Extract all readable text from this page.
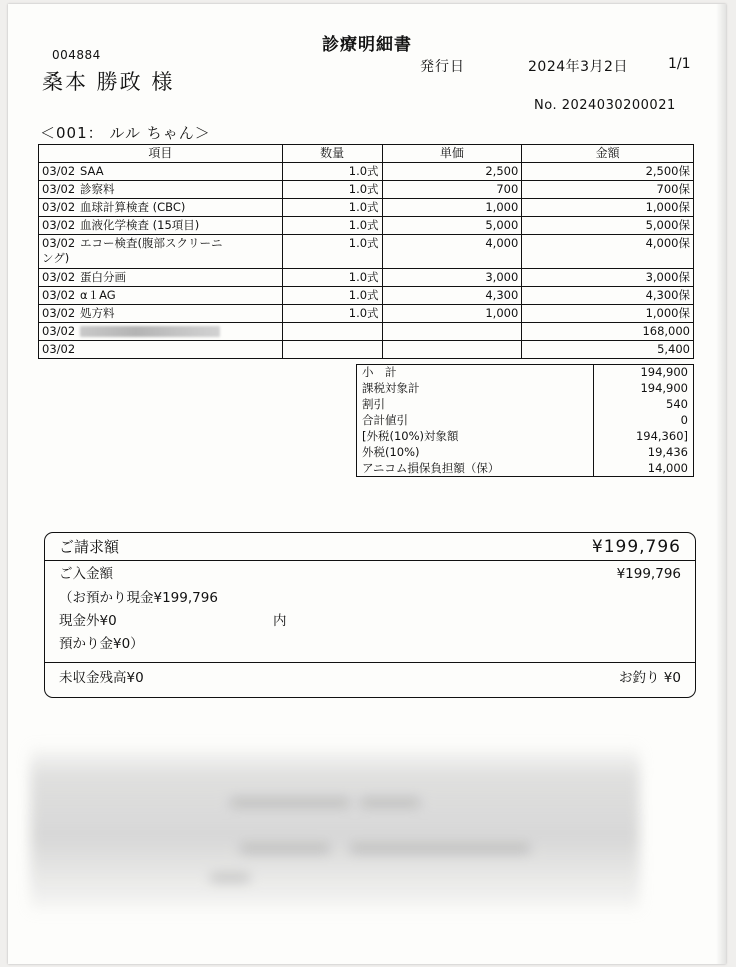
診療明細書
004884
桑本 勝政 様
発行日	2024年3月2日	1/1
No. 2024030200021
＜001： ルル ちゃん＞
項目	数量	単価	金額
03/02 SAA	1.0式	2,500	2,500保
03/02 診察料	1.0式	700	700保
03/02 血球計算検査 (CBC)	1.0式	1,000	1,000保
03/02 血液化学検査 (15項目)	1.0式	5,000	5,000保
03/02 エコー検査(腹部スクリーニ
ング)	1.0式	4,000	4,000保
03/02 蛋白分画	1.0式	3,000	3,000保
03/02 α１AG	1.0式	4,300	4,300保
03/02 処方料	1.0式	1,000	1,000保
03/02			168,000
03/02			5,400
小　計	194,900
課税対象計	194,900
割引	540
合計値引	0
[外税(10%)対象額	194,360]
外税(10%)	19,436
アニコム損保負担額（保）	14,000
ご請求額	¥199,796
ご入金額	¥199,796
（お預かり現金¥199,796
現金外¥0	内
預かり金¥0）
未収金残高¥0	お釣り ¥0
